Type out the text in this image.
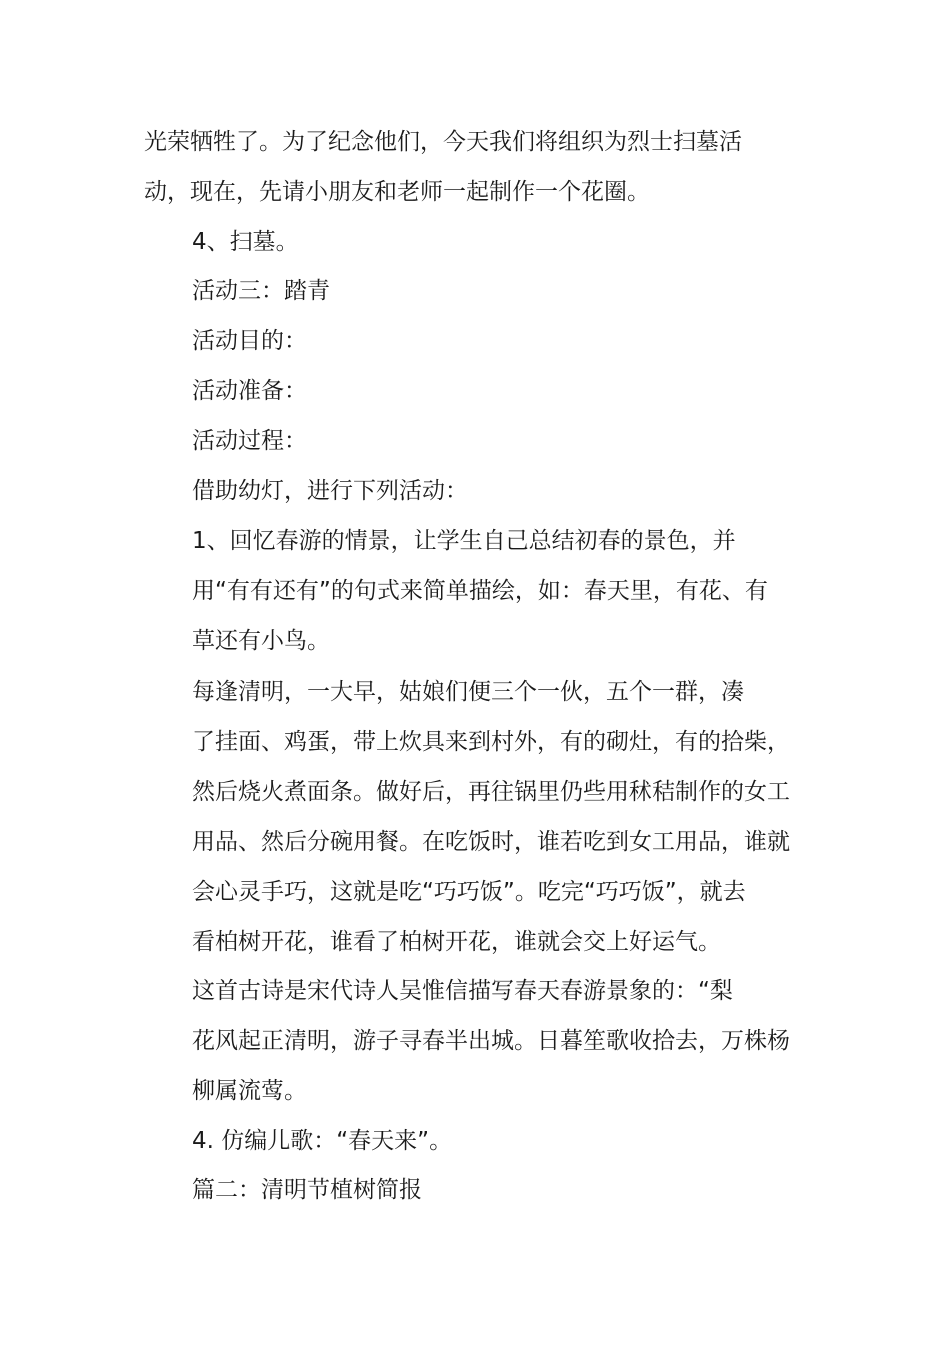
光荣牺牲了。为了纪念他们，今天我们将组织为烈士扫墓活
动，现在，先请小朋友和老师一起制作一个花圈。

4、扫墓。

活动三：踏青

活动目的：

活动准备：

活动过程：

借助幼灯，进行下列活动：

1、回忆春游的情景，让学生自己总结初春的景色，并
用“有有还有”的句式来简单描绘，如：春天里，有花、有
草还有小鸟。

每逢清明，一大早，姑娘们便三个一伙，五个一群，凑
了挂面、鸡蛋，带上炊具来到村外，有的砌灶，有的拾柴，
然后烧火煮面条。做好后，再往锅里仍些用秫秸制作的女工
用品、然后分碗用餐。在吃饭时，谁若吃到女工用品，谁就
会心灵手巧，这就是吃“巧巧饭”。吃完“巧巧饭”，就去
看柏树开花，谁看了柏树开花，谁就会交上好运气。

这首古诗是宋代诗人吴惟信描写春天春游景象的：“梨
花风起正清明，游子寻春半出城。日暮笙歌收拾去，万株杨
柳属流莺。

4. 仿编儿歌：“春天来”。

篇二：清明节植树简报
